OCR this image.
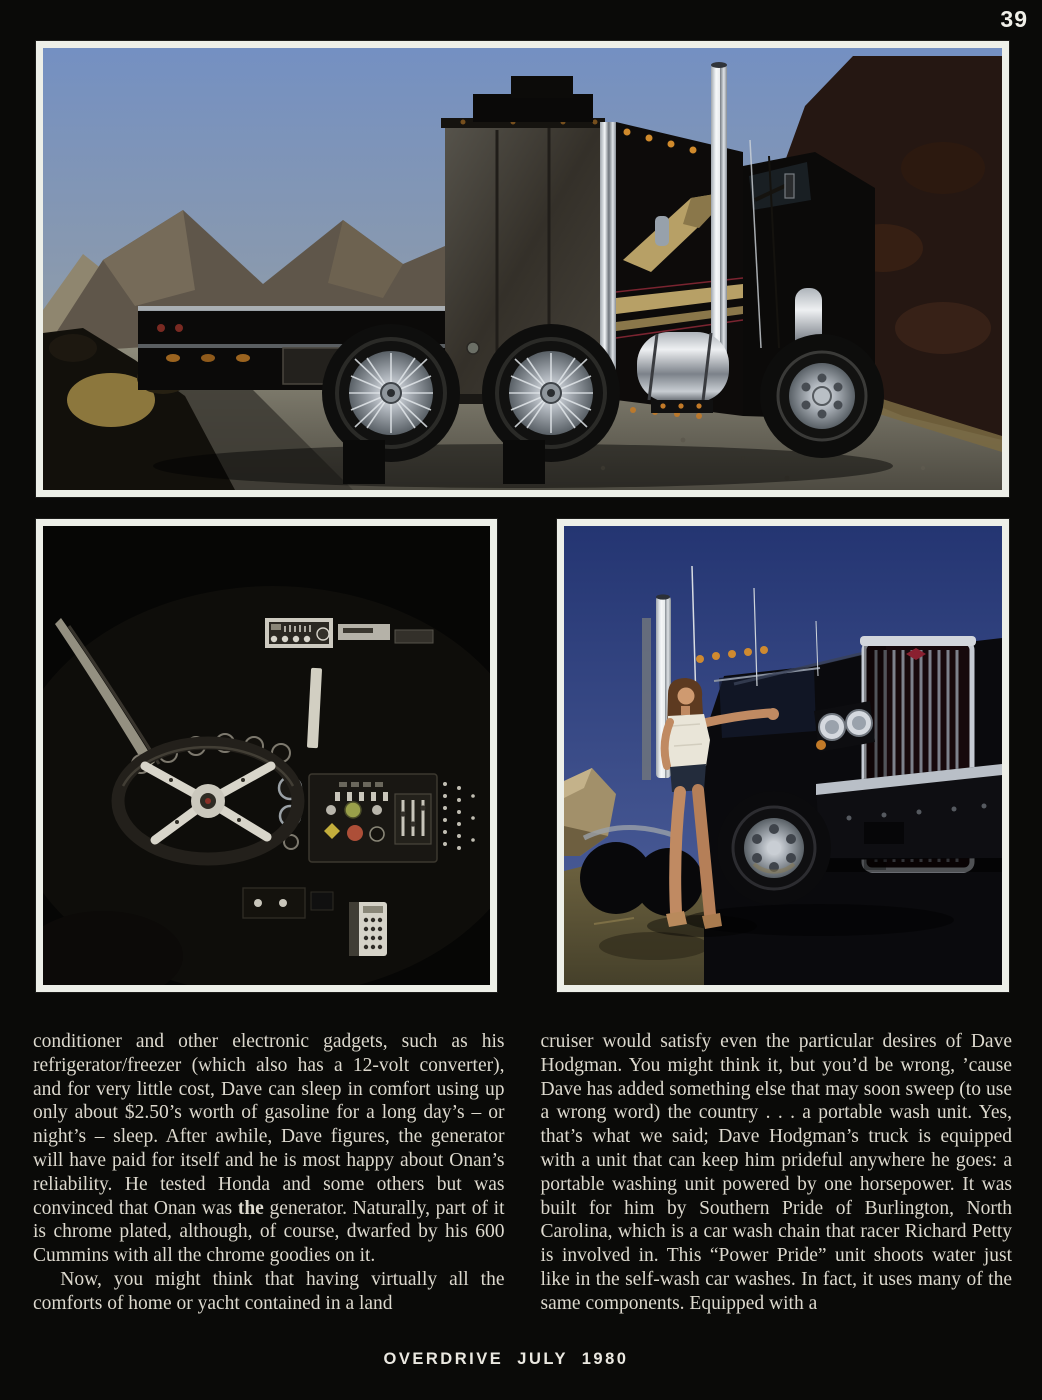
39

conditioner and other electronic gadgets, such as his refrigerator/freezer (which also has a 12-volt converter), and for very little cost, Dave can sleep in comfort using up only about $2.50’s worth of gasoline for a long day’s – or night’s – sleep. After awhile, Dave figures, the generator will have paid for itself and he is most happy about Onan’s reliability. He tested Honda and some others but was convinced that Onan was the generator. Naturally, part of it is chrome plated, although, of course, dwarfed by his 600 Cummins with all the chrome goodies on it.

Now, you might think that having virtually all the comforts of home or yacht contained in a land

cruiser would satisfy even the particular desires of Dave Hodgman. You might think it, but you’d be wrong, ’cause Dave has added something else that may soon sweep (to use a wrong word) the country . . . a portable wash unit. Yes, that’s what we said; Dave Hodgman’s truck is equipped with a unit that can keep him prideful anywhere he goes: a portable washing unit powered by one horsepower. It was built for him by Southern Pride of Burlington, North Carolina, which is a car wash chain that racer Richard Petty is involved in. This “Power Pride” unit shoots water just like in the self-wash car washes. In fact, it uses many of the same components. Equipped with a

OVERDRIVE JULY 1980
